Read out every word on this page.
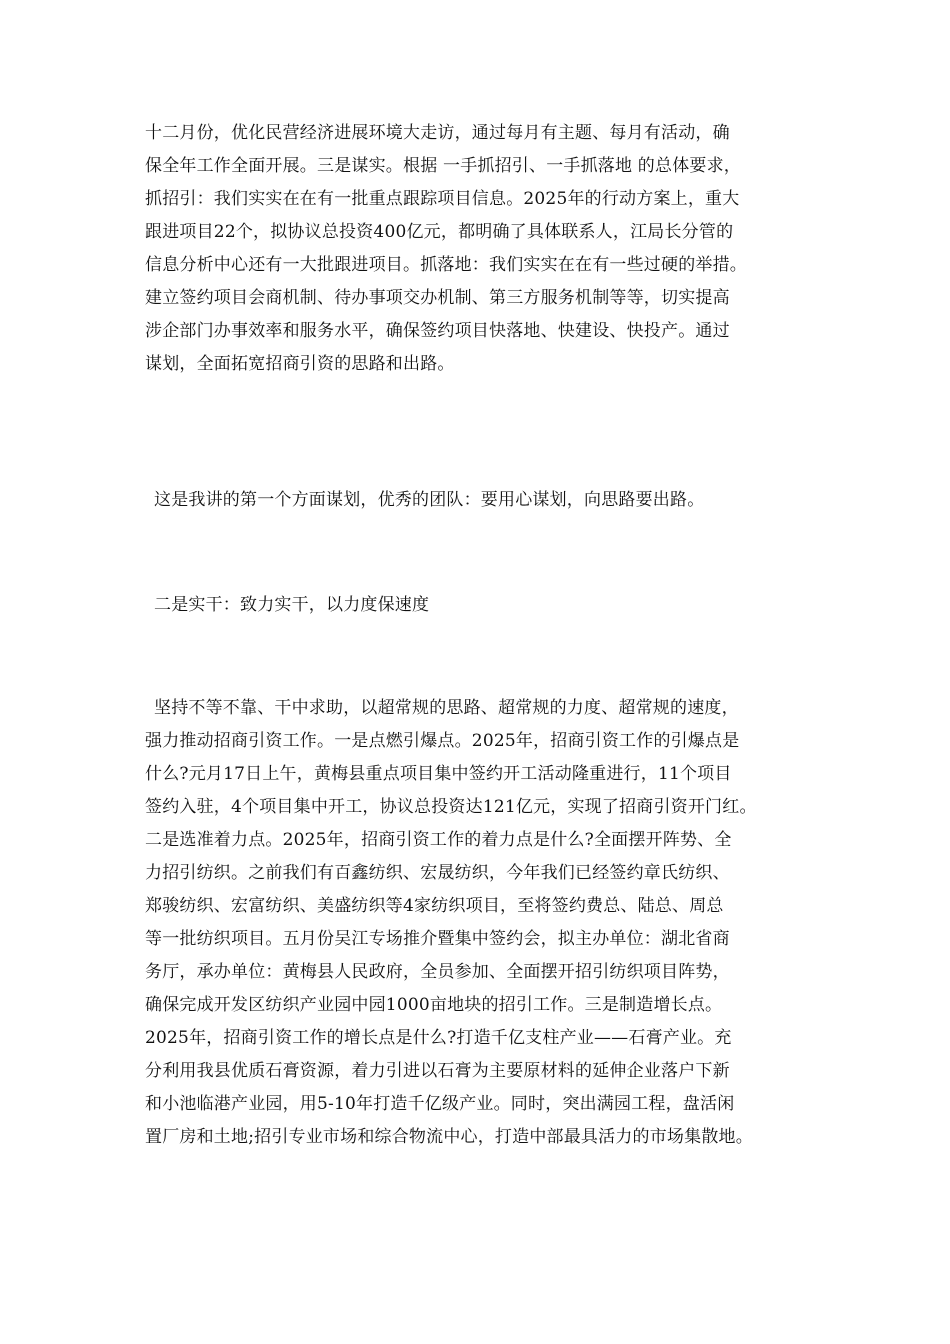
十二月份，优化民营经济进展环境大走访，通过每月有主题、每月有活动，确
保全年工作全面开展。三是谋实。根据 一手抓招引、一手抓落地 的总体要求，
抓招引：我们实实在在有一批重点跟踪项目信息。2025年的行动方案上，重大
跟进项目22个，拟协议总投资400亿元，都明确了具体联系人，江局长分管的
信息分析中心还有一大批跟进项目。抓落地：我们实实在在有一些过硬的举措。
建立签约项目会商机制、待办事项交办机制、第三方服务机制等等，切实提高
涉企部门办事效率和服务水平，确保签约项目快落地、快建设、快投产。通过
谋划，全面拓宽招商引资的思路和出路。
这是我讲的第一个方面谋划，优秀的团队：要用心谋划，向思路要出路。
二是实干：致力实干，以力度保速度
坚持不等不靠、干中求助，以超常规的思路、超常规的力度、超常规的速度，
强力推动招商引资工作。一是点燃引爆点。2025年，招商引资工作的引爆点是
什么?元月17日上午，黄梅县重点项目集中签约开工活动隆重进行，11个项目
签约入驻，4个项目集中开工，协议总投资达121亿元，实现了招商引资开门红。
二是选准着力点。2025年，招商引资工作的着力点是什么?全面摆开阵势、全
力招引纺织。之前我们有百鑫纺织、宏晟纺织，今年我们已经签约章氏纺织、
郑骏纺织、宏富纺织、美盛纺织等4家纺织项目，至将签约费总、陆总、周总
等一批纺织项目。五月份吴江专场推介暨集中签约会，拟主办单位：湖北省商
务厅，承办单位：黄梅县人民政府，全员参加、全面摆开招引纺织项目阵势，
确保完成开发区纺织产业园中园1000亩地块的招引工作。三是制造增长点。
2025年，招商引资工作的增长点是什么?打造千亿支柱产业——石膏产业。充
分利用我县优质石膏资源，着力引进以石膏为主要原材料的延伸企业落户下新
和小池临港产业园，用5-10年打造千亿级产业。同时，突出满园工程，盘活闲
置厂房和土地;招引专业市场和综合物流中心，打造中部最具活力的市场集散地。
